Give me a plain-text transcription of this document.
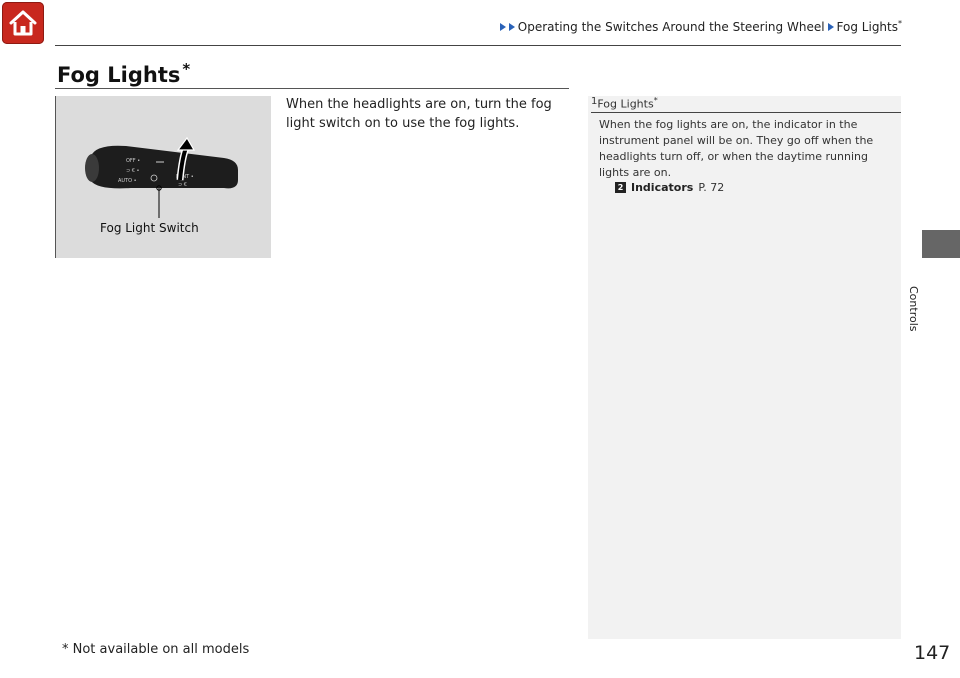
Operating the Switches Around the Steering Wheel Fog Lights*
Fog Lights *
OFF •
⊃ € •
AUTO •
FRNT •
⊃ €
Fog Light Switch
When the headlights are on, turn the fog light switch on to use the fog lights.
1Fog Lights*
When the fog lights are on, the indicator in the instrument panel will be on. They go off when the headlights turn off, or when the daytime running lights are on.
2 Indicators P. 72
Controls
* Not available on all models	147
